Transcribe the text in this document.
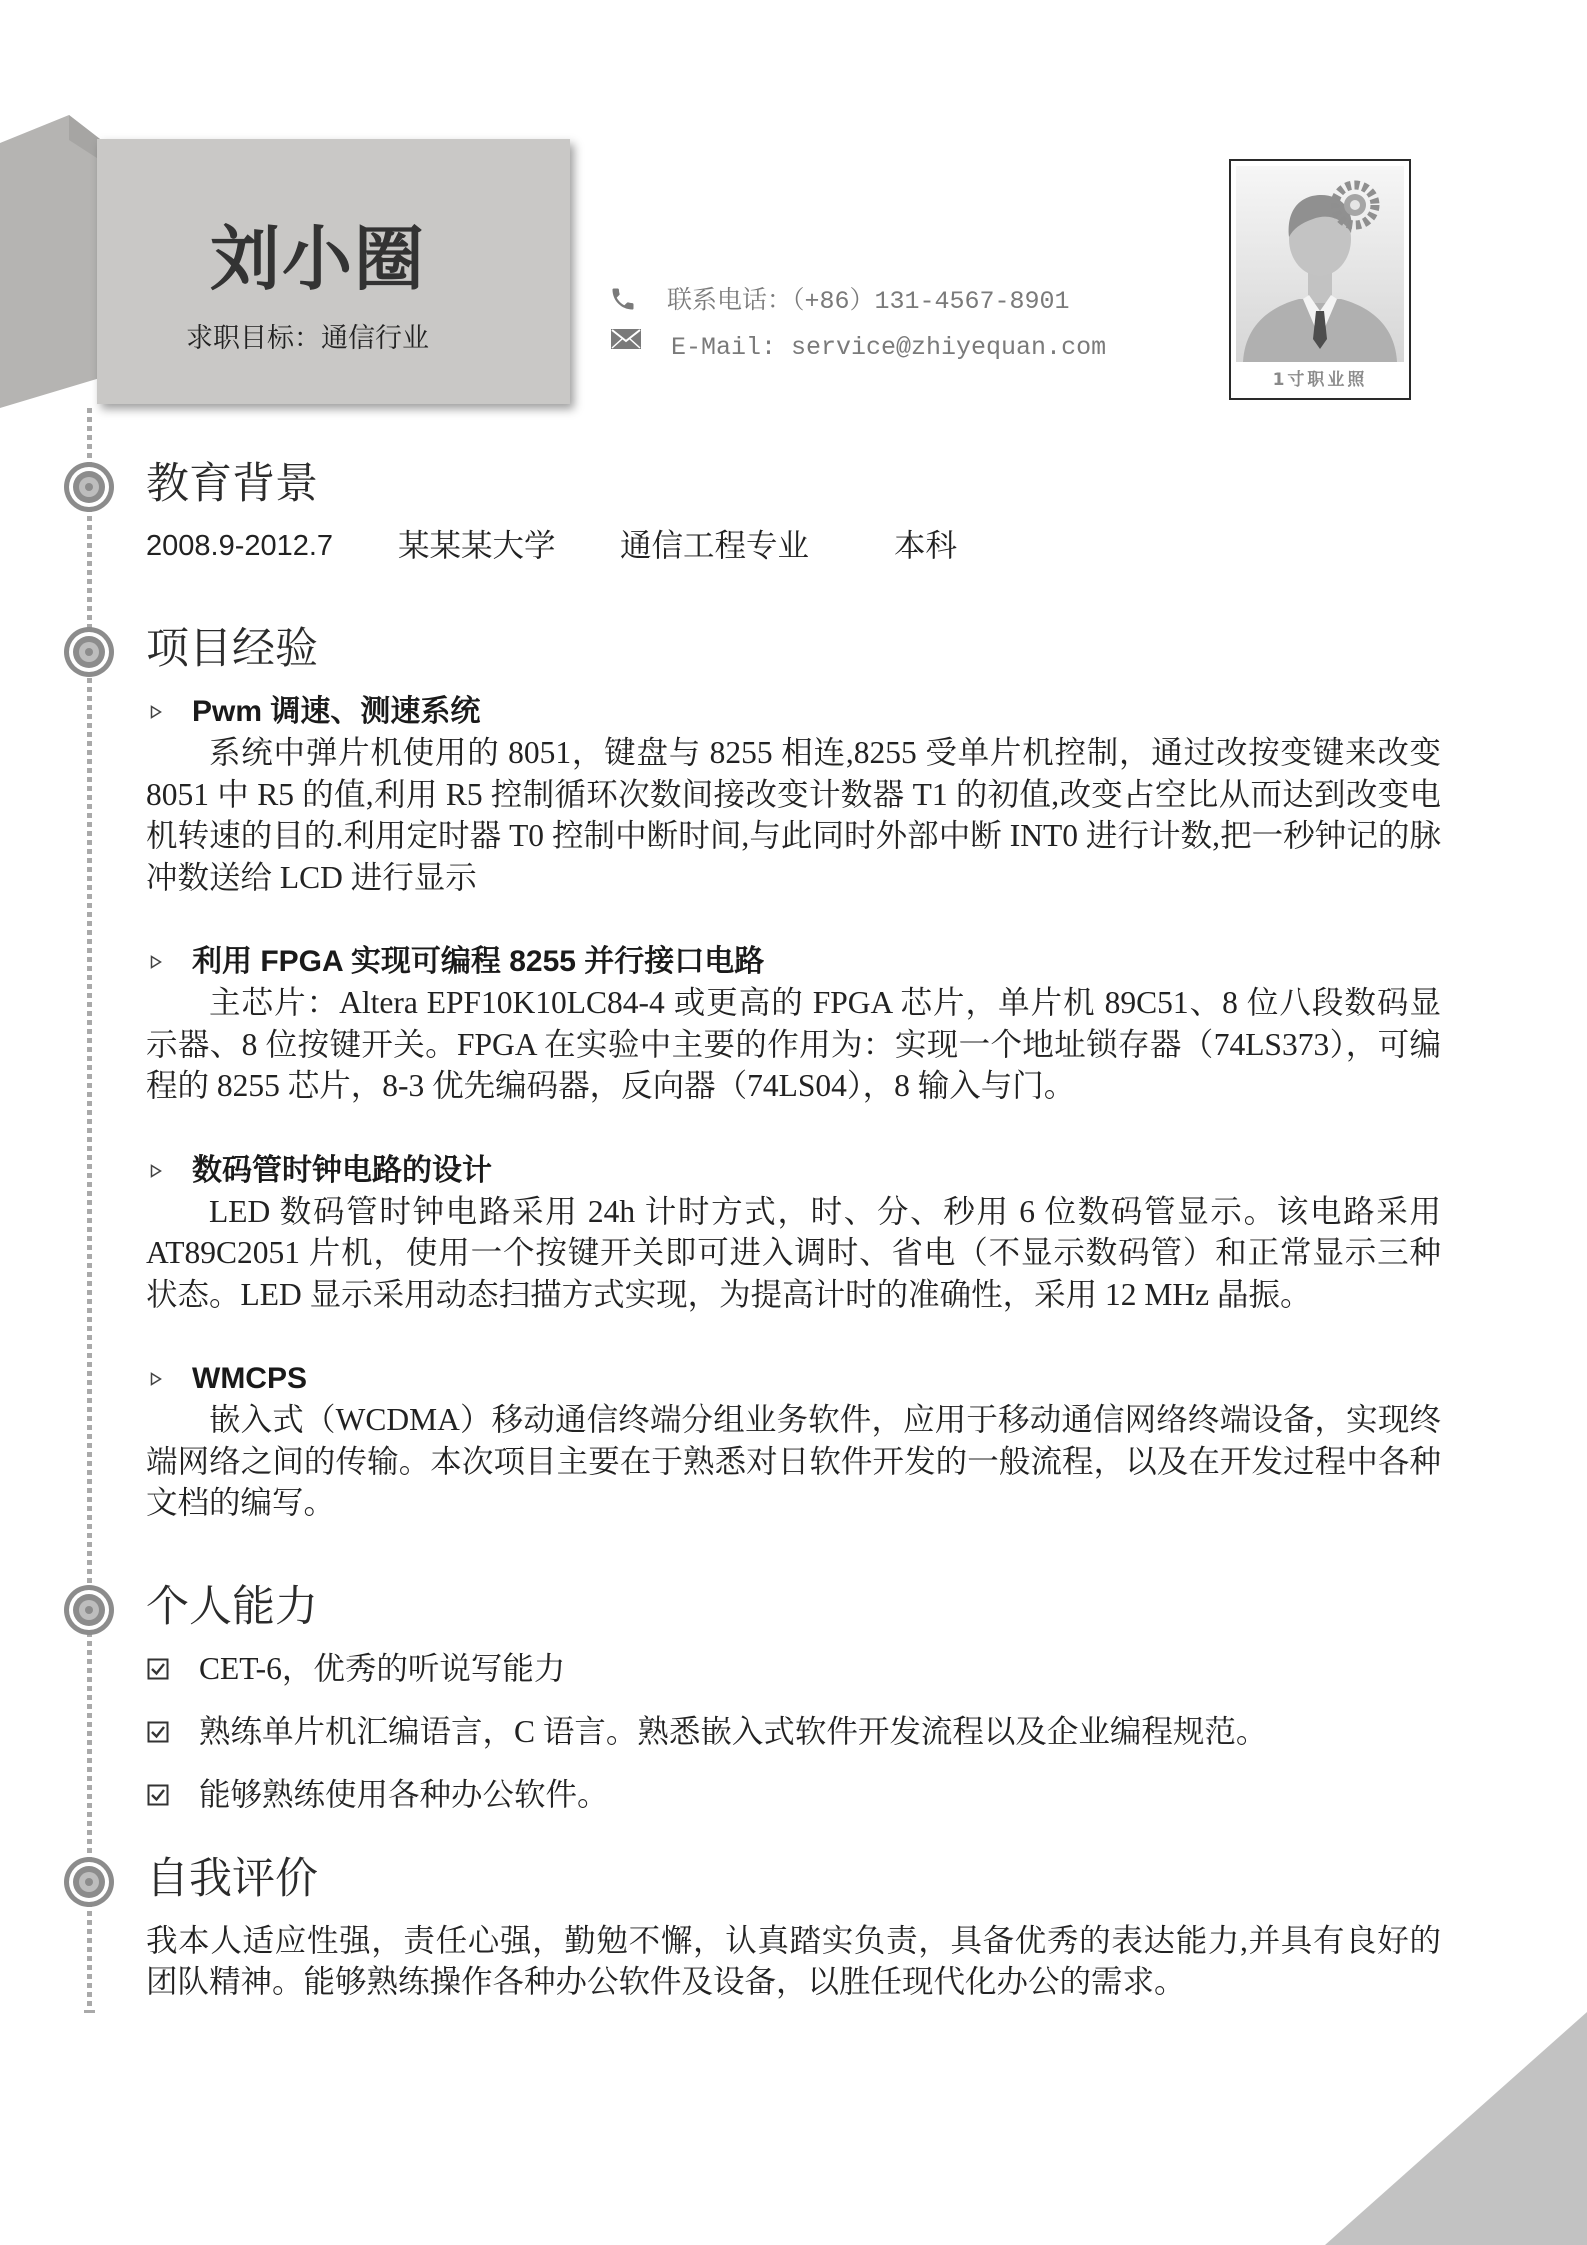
刘小圈
求职目标：通信行业
联系电话：（+86）131-4567-8901
E-Mail: service@zhiyequan.com
1寸职业照
教育背景
2008.9-2012.7 某某某大学 通信工程专业	本科
项目经验
Pwm 调速、测速系统

系统中弹片机使用的 8051，键盘与 8255 相连,8255 受单片机控制，通过改按变键来改变 8051 中 R5 的值,利用 R5 控制循环次数间接改变计数器 T1 的初值,改变占空比从而达到改变电机转速的目的.利用定时器 T0 控制中断时间,与此同时外部中断 INT0 进行计数,把一秒钟记的脉冲数送给 LCD 进行显示

利用 FPGA 实现可编程 8255 并行接口电路

主芯片：Altera EPF10K10LC84-4 或更高的 FPGA 芯片，单片机 89C51、8 位八段数码显示器、8 位按键开关。FPGA 在实验中主要的作用为：实现一个地址锁存器（74LS373），可编程的 8255 芯片，8-3 优先编码器，反向器（74LS04），8 输入与门。

数码管时钟电路的设计

LED 数码管时钟电路采用 24h 计时方式，时、分、秒用 6 位数码管显示。该电路采用 AT89C2051 片机，使用一个按键开关即可进入调时、省电（不显示数码管）和正常显示三种状态。LED 显示采用动态扫描方式实现，为提高计时的准确性，采用 12 MHz 晶振。

WMCPS

嵌入式（WCDMA）移动通信终端分组业务软件，应用于移动通信网络终端设备，实现终端网络之间的传输。本次项目主要在于熟悉对日软件开发的一般流程，以及在开发过程中各种文档的编写。

个人能力
CET-6，优秀的听说写能力
熟练单片机汇编语言，C 语言。熟悉嵌入式软件开发流程以及企业编程规范。
能够熟练使用各种办公软件。
自我评价

我本人适应性强，责任心强，勤勉不懈，认真踏实负责，具备优秀的表达能力,并具有良好的团队精神。能够熟练操作各种办公软件及设备，以胜任现代化办公的需求。
